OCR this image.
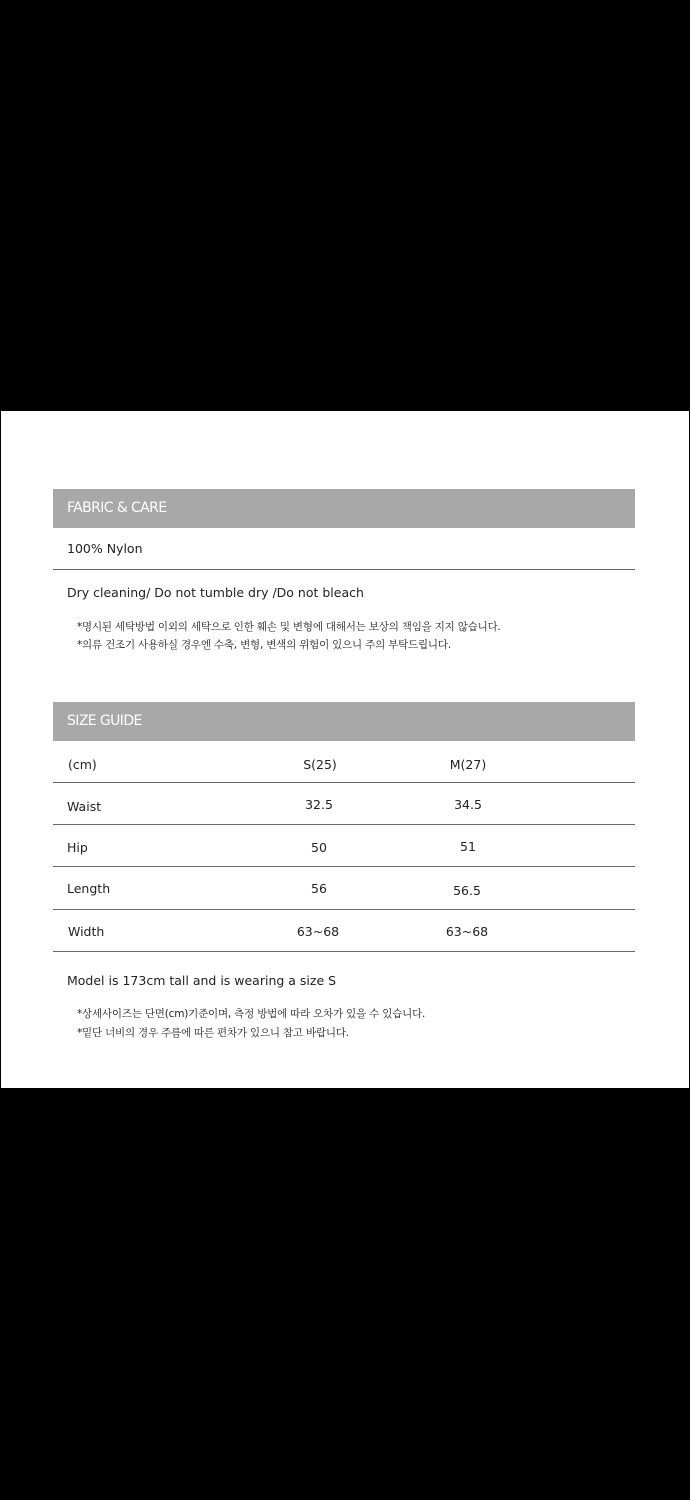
FABRIC & CARE
100% Nylon
Dry cleaning/ Do not tumble dry /Do not bleach
*명시된 세탁방법 이외의 세탁으로 인한 훼손 및 변형에 대해서는 보상의 책임을 지지 않습니다.
*의류 건조기 사용하실 경우엔 수축, 변형, 변색의 위험이 있으니 주의 부탁드립니다.
SIZE GUIDE
(cm)	S(25)	M(27)
Waist	32.5	34.5
Hip	50	51
Length	56	56.5
Width	63~68	63~68
Model is 173cm tall and is wearing a size S
*상세사이즈는 단면(cm)기준이며, 측정 방법에 따라 오차가 있을 수 있습니다.
*밑단 너비의 경우 주름에 따른 편차가 있으니 참고 바랍니다.
